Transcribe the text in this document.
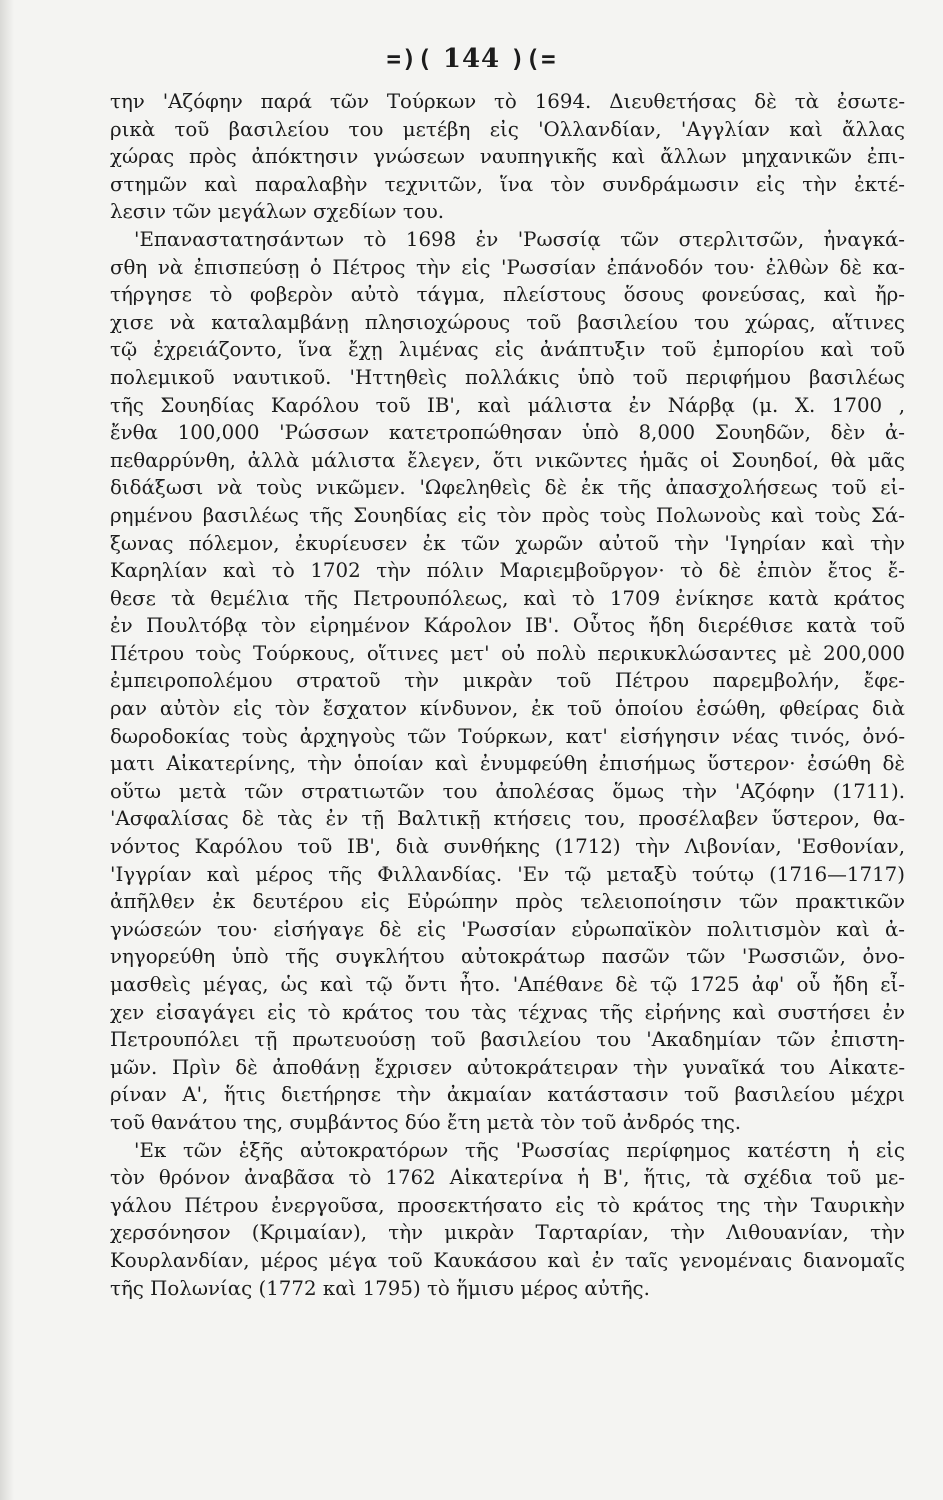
=)( 144 )(=

την 'Αζόφην παρά τῶν Τούρκων τὸ 1694. Διευθετήσας δὲ τὰ ἐσωτε-
ρικὰ τοῦ βασιλείου του μετέβη εἰς 'Ολλανδίαν, 'Αγγλίαν καὶ ἄλλας
χώρας πρὸς ἀπόκτησιν γνώσεων ναυπηγικῆς καὶ ἄλλων μηχανικῶν ἐπι-
στημῶν καὶ παραλαβὴν τεχνιτῶν, ἵνα τὸν συνδράμωσιν εἰς τὴν ἐκτέ-
λεσιν τῶν μεγάλων σχεδίων του.

'Επαναστατησάντων τὸ 1698 ἐν 'Ρωσσίᾳ τῶν στερλιτσῶν, ἠναγκά-
σθη νὰ ἐπισπεύσῃ ὁ Πέτρος τὴν εἰς 'Ρωσσίαν ἐπάνοδόν του· ἐλθὼν δὲ κα-
τήργησε τὸ φοβερὸν αὐτὸ τάγμα, πλείστους ὅσους φονεύσας, καὶ ἤρ-
χισε νὰ καταλαμβάνῃ πλησιοχώρους τοῦ βασιλείου του χώρας, αἵτινες
τῷ ἐχρειάζοντο, ἵνα ἔχῃ λιμένας εἰς ἀνάπτυξιν τοῦ ἐμπορίου καὶ τοῦ
πολεμικοῦ ναυτικοῦ. 'Ηττηθεὶς πολλάκις ὑπὸ τοῦ περιφήμου βασιλέως
τῆς Σουηδίας Καρόλου τοῦ ΙΒ', καὶ μάλιστα ἐν Νάρβᾳ (μ. Χ. 1700 ,
ἔνθα 100,000 'Ρώσσων κατετροπώθησαν ὑπὸ 8,000 Σουηδῶν, δὲν ἀ-
πεθαρρύνθη, ἀλλὰ μάλιστα ἔλεγεν, ὅτι νικῶντες ἡμᾶς οἱ Σουηδοί, θὰ μᾶς
διδάξωσι νὰ τοὺς νικῶμεν. 'Ωφεληθεὶς δὲ ἐκ τῆς ἀπασχολήσεως τοῦ εἰ-
ρημένου βασιλέως τῆς Σουηδίας εἰς τὸν πρὸς τοὺς Πολωνοὺς καὶ τοὺς Σά-
ξωνας πόλεμον, ἐκυρίευσεν ἐκ τῶν χωρῶν αὐτοῦ τὴν 'Ιγηρίαν καὶ τὴν
Καρηλίαν καὶ τὸ 1702 τὴν πόλιν Μαριεμβοῦργον· τὸ δὲ ἐπιὸν ἔτος ἔ-
θεσε τὰ θεμέλια τῆς Πετρουπόλεως, καὶ τὸ 1709 ἐνίκησε κατὰ κράτος
ἐν Πουλτόβᾳ τὸν εἰρημένον Κάρολον ΙΒ'. Οὗτος ἤδη διερέθισε κατὰ τοῦ
Πέτρου τοὺς Τούρκους, οἵτινες μετ' οὐ πολὺ περικυκλώσαντες μὲ 200,000
ἐμπειροπολέμου στρατοῦ τὴν μικρὰν τοῦ Πέτρου παρεμβολήν, ἔφε-
ραν αὐτὸν εἰς τὸν ἔσχατον κίνδυνον, ἐκ τοῦ ὁποίου ἐσώθη, φθείρας διὰ
δωροδοκίας τοὺς ἀρχηγοὺς τῶν Τούρκων, κατ' εἰσήγησιν νέας τινός, ὀνό-
ματι Αἰκατερίνης, τὴν ὁποίαν καὶ ἐνυμφεύθη ἐπισήμως ὕστερον· ἐσώθη δὲ
οὕτω μετὰ τῶν στρατιωτῶν του ἀπολέσας ὅμως τὴν 'Αζόφην (1711).
'Ασφαλίσας δὲ τὰς ἐν τῇ Βαλτικῇ κτήσεις του, προσέλαβεν ὕστερον, θα-
νόντος Καρόλου τοῦ ΙΒ', διὰ συνθήκης (1712) τὴν Λιβονίαν, 'Εσθονίαν,
'Ιγγρίαν καὶ μέρος τῆς Φιλλανδίας. 'Εν τῷ μεταξὺ τούτῳ (1716—1717)
ἀπῆλθεν ἐκ δευτέρου εἰς Εὐρώπην πρὸς τελειοποίησιν τῶν πρακτικῶν
γνώσεών του· εἰσήγαγε δὲ εἰς 'Ρωσσίαν εὐρωπαϊκὸν πολιτισμὸν καὶ ἀ-
νηγορεύθη ὑπὸ τῆς συγκλήτου αὐτοκράτωρ πασῶν τῶν 'Ρωσσιῶν, ὀνο-
μασθεὶς μέγας, ὡς καὶ τῷ ὄντι ἦτο. 'Απέθανε δὲ τῷ 1725 ἀφ' οὗ ἤδη εἶ-
χεν εἰσαγάγει εἰς τὸ κράτος του τὰς τέχνας τῆς εἰρήνης καὶ συστήσει ἐν
Πετρουπόλει τῇ πρωτευούσῃ τοῦ βασιλείου του 'Ακαδημίαν τῶν ἐπιστη-
μῶν. Πρὶν δὲ ἀποθάνῃ ἔχρισεν αὐτοκράτειραν τὴν γυναῖκά του Αἰκατε-
ρίναν Α', ἥτις διετήρησε τὴν ἀκμαίαν κατάστασιν τοῦ βασιλείου μέχρι
τοῦ θανάτου της, συμβάντος δύο ἔτη μετὰ τὸν τοῦ ἀνδρός της.

'Εκ τῶν ἑξῆς αὐτοκρατόρων τῆς 'Ρωσσίας περίφημος κατέστη ἡ εἰς
τὸν θρόνον ἀναβᾶσα τὸ 1762 Αἰκατερίνα ἡ Β', ἥτις, τὰ σχέδια τοῦ με-
γάλου Πέτρου ἐνεργοῦσα, προσεκτήσατο εἰς τὸ κράτος της τὴν Ταυρικὴν
χερσόνησον (Κριμαίαν), τὴν μικρὰν Ταρταρίαν, τὴν Λιθουανίαν, τὴν
Κουρλανδίαν, μέρος μέγα τοῦ Καυκάσου καὶ ἐν ταῖς γενομέναις διανομαῖς
τῆς Πολωνίας (1772 καὶ 1795) τὸ ἥμισυ μέρος αὐτῆς.
